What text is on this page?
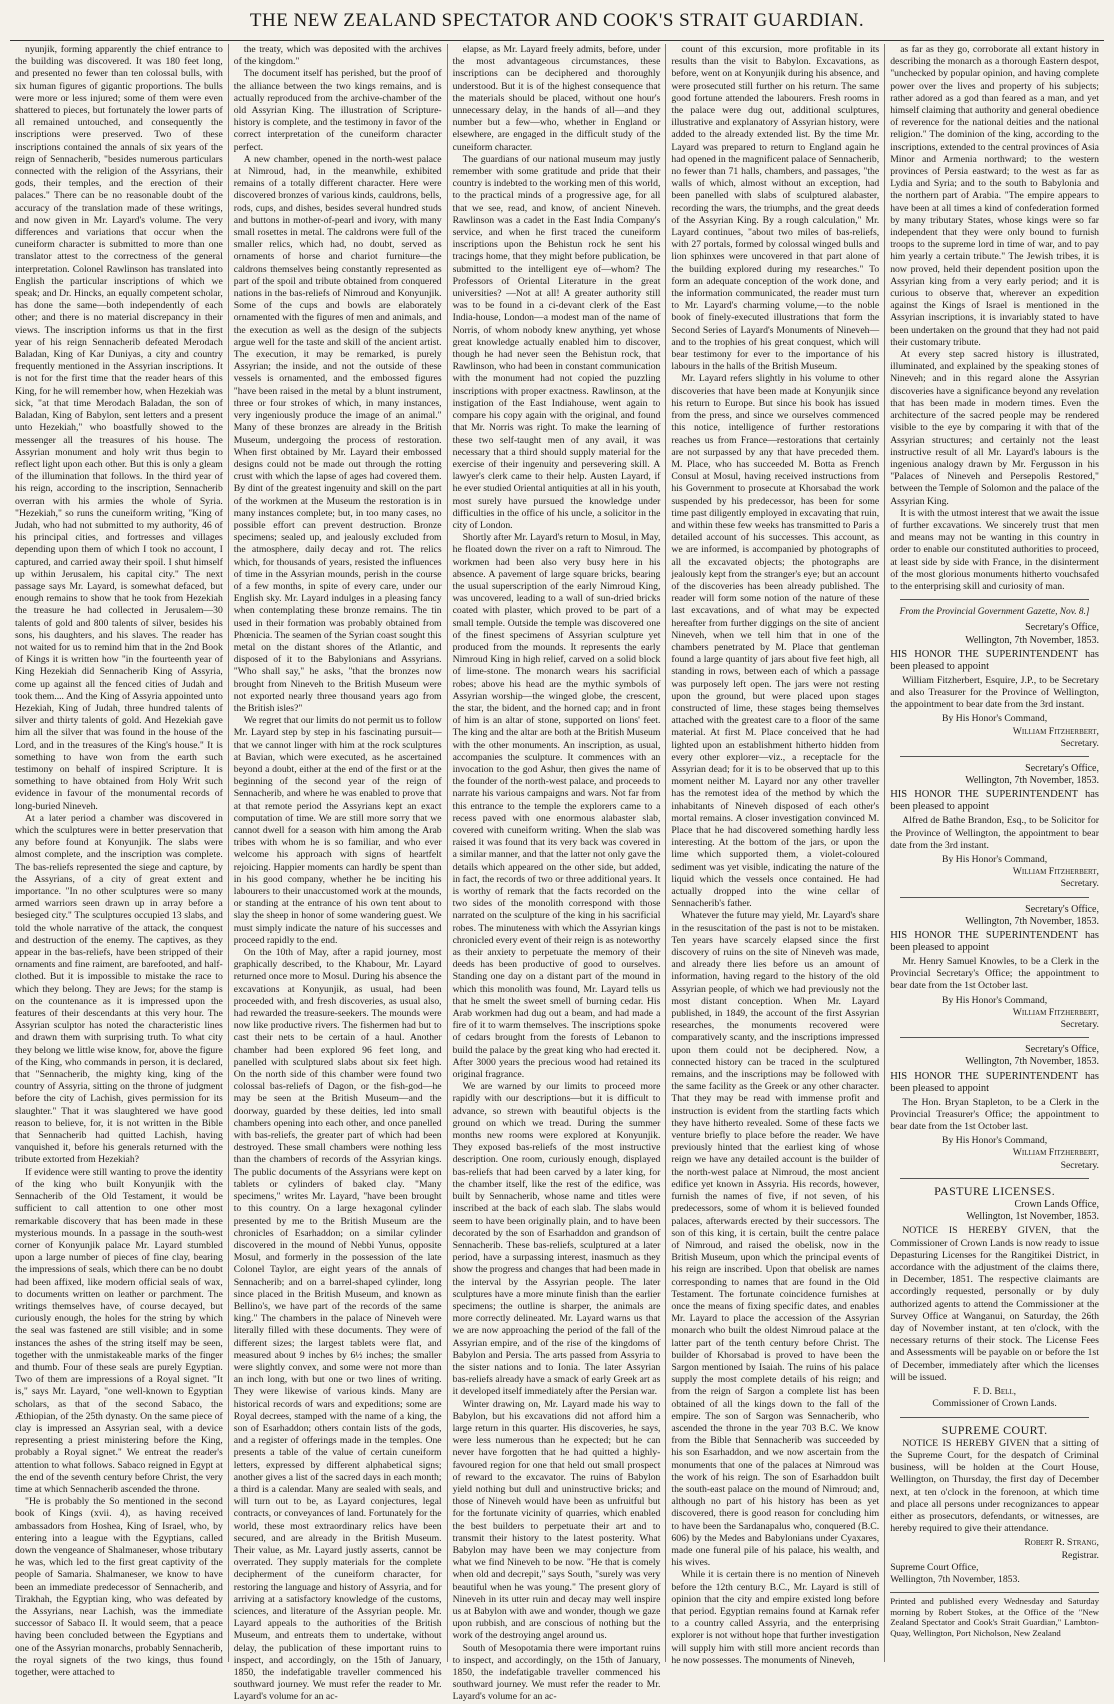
THE NEW ZEALAND SPECTATOR AND COOK'S STRAIT GUARDIAN.

nyunjik, forming apparently the chief entrance to the building was discovered. It was 180 feet long, and presented no fewer than ten colossal bulls, with six human figures of gigantic proportions. The bulls were more or less injured; some of them were even shattered to pieces, but fortunately the lower parts of all remained untouched, and consequently the inscriptions were preserved. Two of these inscriptions contained the annals of six years of the reign of Sennacherib, "besides numerous particulars connected with the religion of the Assyrians, their gods, their temples, and the erection of their palaces." There can be no reasonable doubt of the accuracy of the translation made of these writings, and now given in Mr. Layard's volume. The very differences and variations that occur when the cuneiform character is submitted to more than one translator attest to the correctness of the general interpretation. Colonel Rawlinson has translated into English the particular inscriptions of which we speak; and Dr. Hincks, an equally competent scholar, has done the same—both independently of each other; and there is no material discrepancy in their views. The inscription informs us that in the first year of his reign Sennacherib defeated Merodach Baladan, King of Kar Duniyas, a city and country frequently mentioned in the Assyrian inscriptions. It is not for the first time that the reader hears of this King, for he will remember how, when Hezekiah was sick, "at that time Merodach Baladan, the son of Baladan, King of Babylon, sent letters and a present unto Hezekiah," who boastfully showed to the messenger all the treasures of his house. The Assyrian monument and holy writ thus begin to reflect light upon each other. But this is only a gleam of the illumination that follows. In the third year of his reign, according to the inscription, Sennacherib overran with his armies the whole of Syria. "Hezekiah," so runs the cuneiform writing, "King of Judah, who had not submitted to my authority, 46 of his principal cities, and fortresses and villages depending upon them of which I took no account, I captured, and carried away their spoil. I shut himself up within Jerusalem, his capital city." The next passage says Mr. Layard, is somewhat defaced, but enough remains to show that he took from Hezekiah the treasure he had collected in Jerusalem—30 talents of gold and 800 talents of silver, besides his sons, his daughters, and his slaves. The reader has not waited for us to remind him that in the 2nd Book of Kings it is written how "in the fourteenth year of King Hezekiah did Sennacherib King of Assyria, come up against all the fenced cities of Judah and took them.... And the King of Assyria appointed unto Hezekiah, King of Judah, three hundred talents of silver and thirty talents of gold. And Hezekiah gave him all the silver that was found in the house of the Lord, and in the treasures of the King's house." It is something to have won from the earth such testimony on behalf of inspired Scripture. It is something to have obtained from Holy Writ such evidence in favour of the monumental records of long-buried Nineveh.

At a later period a chamber was discovered in which the sculptures were in better preservation that any before found at Konyunjik. The slabs were almost complete, and the inscription was complete. The bas-reliefs represented the siege and capture, by the Assyrians, of a city of great extent and importance. "In no other sculptures were so many armed warriors seen drawn up in array before a besieged city." The sculptures occupied 13 slabs, and told the whole narrative of the attack, the conquest and destruction of the enemy. The captives, as they appear in the bas-reliefs, have been stripped of their ornaments and fine raiment, are barefooted, and half-clothed. But it is impossible to mistake the race to which they belong. They are Jews; for the stamp is on the countenance as it is impressed upon the features of their descendants at this very hour. The Assyrian sculptor has noted the characteristic lines and drawn them with surprising truth. To what city they belong we little wise know, for, above the figure of the King, who commands in person, it is declared, that "Sennacherib, the mighty king, king of the country of Assyria, sitting on the throne of judgment before the city of Lachish, gives permission for its slaughter." That it was slaughtered we have good reason to believe, for, it is not written in the Bible that Sennacherib had quitted Lachish, having vanquished it, before his generals returned with the tribute extorted from Hezekiah?

If evidence were still wanting to prove the identity of the king who built Konyunjik with the Sennacherib of the Old Testament, it would be sufficient to call attention to one other most remarkable discovery that has been made in these mysterious mounds. In a passage in the south-west corner of Konyunjik palace Mr. Layard stumbled upon a large number of pieces of fine clay, bearing the impressions of seals, which there can be no doubt had been affixed, like modern official seals of wax, to documents written on leather or parchment. The writings themselves have, of course decayed, but curiously enough, the holes for the string by which the seal was fastened are still visible; and in some instances the ashes of the string itself may be seen, together with the unmistakeable marks of the finger and thumb. Four of these seals are purely Egyptian. Two of them are impressions of a Royal signet. "It is," says Mr. Layard, "one well-known to Egyptian scholars, as that of the second Sabaco, the Æthiopian, of the 25th dynasty. On the same piece of clay is impressed an Assyrian seal, with a device representing a priest ministering before the King, probably a Royal signet." We entreat the reader's attention to what follows. Sabaco reigned in Egypt at the end of the seventh century before Christ, the very time at which Sennacherib ascended the throne.

"He is probably the So mentioned in the second book of Kings (xvii. 4), as having received ambassadors from Hoshea, King of Israel, who, by entering into a league with the Egyptians, called down the vengeance of Shalmaneser, whose tributary he was, which led to the first great captivity of the people of Samaria. Shalmaneser, we know to have been an immediate predecessor of Sennacherib, and Tirakhah, the Egyptian king, who was defeated by the Assyrians, near Lachish, was the immediate successor of Sabaco II. It would seem, that a peace having been concluded between the Egyptians and one of the Assyrian monarchs, probably Sennacherib, the royal signets of the two kings, thus found together, were attached to

the treaty, which was deposited with the archives of the kingdom."

The document itself has perished, but the proof of the alliance between the two kings remains, and is actually reproduced from the archive-chamber of the old Assyrian King. The illustration of Scripture-history is complete, and the testimony in favor of the correct interpretation of the cuneiform character perfect.

A new chamber, opened in the north-west palace at Nimroud, had, in the meanwhile, exhibited remains of a totally different character. Here were discovered bronzes of various kinds, cauldrons, bells, rods, cups, and dishes, besides several hundred studs and buttons in mother-of-pearl and ivory, with many small rosettes in metal. The caldrons were full of the smaller relics, which had, no doubt, served as ornaments of horse and chariot furniture—the caldrons themselves being constantly represented as part of the spoil and tribute obtained from conquered nations in the bas-reliefs of Nimroud and Konyunjik. Some of the cups and bowls are elaborately ornamented with the figures of men and animals, and the execution as well as the design of the subjects argue well for the taste and skill of the ancient artist. The execution, it may be remarked, is purely Assyrian; the inside, and not the outside of these vessels is ornamented, and the embossed figures "have been raised in the metal by a blunt instrument, three or four strokes of which, in many instances, very ingeniously produce the image of an animal." Many of these bronzes are already in the British Museum, undergoing the process of restoration. When first obtained by Mr. Layard their embossed designs could not be made out through the rotting crust with which the lapse of ages had covered them. By dint of the greatest ingenuity and skill on the part of the workmen at the Museum the restoration is in many instances complete; but, in too many cases, no possible effort can prevent destruction. Bronze specimens; sealed up, and jealously excluded from the atmosphere, daily decay and rot. The relics which, for thousands of years, resisted the influences of time in the Assyrian mounds, perish in the course of a few months, in spite of every care, under our English sky. Mr. Layard indulges in a pleasing fancy when contemplating these bronze remains. The tin used in their formation was probably obtained from Phœnicia. The seamen of the Syrian coast sought this metal on the distant shores of the Atlantic, and disposed of it to the Babylonians and Assyrians. "Who shall say," he asks, "that the bronzes now brought from Nineveh to the British Museum were not exported nearly three thousand years ago from the British isles?"

We regret that our limits do not permit us to follow Mr. Layard step by step in his fascinating pursuit—that we cannot linger with him at the rock sculptures at Bavian, which were executed, as he ascertained beyond a doubt, either at the end of the first or at the beginning of the second year of the reign of Sennacherib, and where he was enabled to prove that at that remote period the Assyrians kept an exact computation of time. We are still more sorry that we cannot dwell for a season with him among the Arab tribes with whom he is so familiar, and who ever welcome his approach with signs of heartfelt rejoicing. Happier moments can hardly be spent than in his good company, whether he be inciting his labourers to their unaccustomed work at the mounds, or standing at the entrance of his own tent about to slay the sheep in honor of some wandering guest. We must simply indicate the nature of his successes and proceed rapidly to the end.

On the 10th of May, after a rapid journey, most graphically described, to the Khabour, Mr. Layard returned once more to Mosul. During his absence the excavations at Konyunjik, as usual, had been proceeded with, and fresh discoveries, as usual also, had rewarded the treasure-seekers. The mounds were now like productive rivers. The fishermen had but to cast their nets to be certain of a haul. Another chamber had been explored 96 feet long, and panelled with sculptured slabs about six feet high. On the north side of this chamber were found two colossal bas-reliefs of Dagon, or the fish-god—he may be seen at the British Museum—and the doorway, guarded by these deities, led into small chambers opening into each other, and once panelled with bas-reliefs, the greater part of which had been destroyed. These small chambers were nothing less than the chambers of records of the Assyrian kings. The public documents of the Assyrians were kept on tablets or cylinders of baked clay. "Many specimens," writes Mr. Layard, "have been brought to this country. On a large hexagonal cylinder presented by me to the British Museum are the chronicles of Esarhaddon; on a similar cylinder discovered in the mound of Nebbi Yunus, opposite Mosul, and formerly in the possession of the late Colonel Taylor, are eight years of the annals of Sennacherib; and on a barrel-shaped cylinder, long since placed in the British Museum, and known as Bellino's, we have part of the records of the same king." The chambers in the palace of Nineveh were literally filled with these documents. They were of different sizes; the largest tablets were flat, and measured about 9 inches by 6½ inches; the smaller were slightly convex, and some were not more than an inch long, with but one or two lines of writing. They were likewise of various kinds. Many are historical records of wars and expeditions; some are Royal decrees, stamped with the name of a king, the son of Esarhaddon; others contain lists of the gods, and a register of offerings made in the temples. One presents a table of the value of certain cuneiform letters, expressed by different alphabetical signs; another gives a list of the sacred days in each month; a third is a calendar. Many are sealed with seals, and will turn out to be, as Layard conjectures, legal contracts, or conveyances of land. Fortunately for the world, these most extraordinary relics have been secured, and are already in the British Museum. Their value, as Mr. Layard justly asserts, cannot be overrated. They supply materials for the complete decipherment of the cuneiform character, for restoring the language and history of Assyria, and for arriving at a satisfactory knowledge of the customs, sciences, and literature of the Assyrian people. Mr. Layard appeals to the authorities of the British Museum, and entreats them to undertake, without delay, the publication of these important ruins to inspect, and accordingly, on the 15th of January, 1850, the indefatigable traveller commenced his southward journey. We must refer the reader to Mr. Layard's volume for an ac-

elapse, as Mr. Layard freely admits, before, under the most advantageous circumstances, these inscriptions can be deciphered and thoroughly understood. But it is of the highest consequence that the materials should be placed, without one hour's unnecessary delay, in the hands of all—and they number but a few—who, whether in England or elsewhere, are engaged in the difficult study of the cuneiform character.

The guardians of our national museum may justly remember with some gratitude and pride that their country is indebted to the working men of this world, to the practical minds of a progressive age, for all that we see, read, and know, of ancient Nineveh. Rawlinson was a cadet in the East India Company's service, and when he first traced the cuneiform inscriptions upon the Behistun rock he sent his tracings home, that they might before publication, be submitted to the intelligent eye of—whom? The Professors of Oriental Literature in the great universities? —Not at all! A greater authority still was to be found in a ci-devant clerk of the East India-house, London—a modest man of the name of Norris, of whom nobody knew anything, yet whose great knowledge actually enabled him to discover, though he had never seen the Behistun rock, that Rawlinson, who had been in constant communication with the monument had not copied the puzzling inscriptions with proper exactness. Rawlinson, at the instigation of the East Indiahouse, went again to compare his copy again with the original, and found that Mr. Norris was right. To make the learning of these two self-taught men of any avail, it was necessary that a third should supply material for the exercise of their ingenuity and persevering skill. A lawyer's clerk came to their help. Austen Layard, if he ever studied Oriental antiquities at all in his youth, most surely have pursued the knowledge under difficulties in the office of his uncle, a solicitor in the city of London.

Shortly after Mr. Layard's return to Mosul, in May, he floated down the river on a raft to Nimroud. The workmen had been also very busy here in his absence. A pavement of large square bricks, bearing the usual superscription of the early Nimroud King, was uncovered, leading to a wall of sun-dried bricks coated with plaster, which proved to be part of a small temple. Outside the temple was discovered one of the finest specimens of Assyrian sculpture yet produced from the mounds. It represents the early Nimroud King in high relief, carved on a solid block of lime-stone. The monarch wears his sacrificial robes; above his head are the mythic symbols of Assyrian worship—the winged globe, the crescent, the star, the bident, and the horned cap; and in front of him is an altar of stone, supported on lions' feet. The king and the altar are both at the British Museum with the other monuments. An inscription, as usual, accompanies the sculpture. It commences with an invocation to the god Ashur, then gives the name of the founder of the north-west palace, and proceeds to narrate his various campaigns and wars. Not far from this entrance to the temple the explorers came to a recess paved with one enormous alabaster slab, covered with cuneiform writing. When the slab was raised it was found that its very back was covered in a similar manner, and that the latter not only gave the details which appeared on the other side, but added, in fact, the records of two or three additional years. It is worthy of remark that the facts recorded on the two sides of the monolith correspond with those narrated on the sculpture of the king in his sacrificial robes. The minuteness with which the Assyrian kings chronicled every event of their reign is as noteworthy as their anxiety to perpetuate the memory of their deeds has been productive of good to ourselves. Standing one day on a distant part of the mound in which this monolith was found, Mr. Layard tells us that he smelt the sweet smell of burning cedar. His Arab workmen had dug out a beam, and had made a fire of it to warm themselves. The inscriptions spoke of cedars brought from the forests of Lebanon to build the palace by the great king who had erected it. After 3000 years the precious wood had retained its original fragrance.

We are warned by our limits to proceed more rapidly with our descriptions—but it is difficult to advance, so strewn with beautiful objects is the ground on which we tread. During the summer months new rooms were explored at Konyunjik. They exposed bas-reliefs of the most instructive description. One room, curiously enough, displayed bas-reliefs that had been carved by a later king, for the chamber itself, like the rest of the edifice, was built by Sennacherib, whose name and titles were inscribed at the back of each slab. The slabs would seem to have been originally plain, and to have been decorated by the son of Esarhaddon and grandson of Sennacherib. These bas-reliefs, sculptured at a later period, have a surpassing interest, inasmuch as they show the progress and changes that had been made in the interval by the Assyrian people. The later sculptures have a more minute finish than the earlier specimens; the outline is sharper, the animals are more correctly delineated. Mr. Layard warns us that we are now approaching the period of the fall of the Assyrian empire, and of the rise of the kingdoms of Babylon and Persia. The arts passed from Assyria to the sister nations and to Ionia. The later Assyrian bas-reliefs already have a smack of early Greek art as it developed itself immediately after the Persian war.

Winter drawing on, Mr. Layard made his way to Babylon, but his excavations did not afford him a large return in this quarter. His discoveries, he says, were less numerous than he expected; but he can never have forgotten that he had quitted a highly-favoured region for one that held out small prospect of reward to the excavator. The ruins of Babylon yield nothing but dull and uninstructive bricks; and those of Nineveh would have been as unfruitful but for the fortunate vicinity of quarries, which enabled the best builders to perpetuate their art and to transmit their history to the latest posterity. What Babylon may have been we may conjecture from what we find Nineveh to be now. "He that is comely when old and decrepit," says South, "surely was very beautiful when he was young." The present glory of Nineveh in its utter ruin and decay may well inspire us at Babylon with awe and wonder, though we gaze upon rubbish, and are conscious of nothing but the work of the destroying angel around us.

South of Mesopotamia there were important ruins to inspect, and accordingly, on the 15th of January, 1850, the indefatigable traveller commenced his southward journey. We must refer the reader to Mr. Layard's volume for an ac-

count of this excursion, more profitable in its results than the visit to Babylon. Excavations, as before, went on at Konyunjik during his absence, and were prosecuted still further on his return. The same good fortune attended the labourers. Fresh rooms in the palace were dug out, additional sculptures, illustrative and explanatory of Assyrian history, were added to the already extended list. By the time Mr. Layard was prepared to return to England again he had opened in the magnificent palace of Sennacherib, no fewer than 71 halls, chambers, and passages, "the walls of which, almost without an exception, had been panelled with slabs of sculptured alabaster, recording the wars, the triumphs, and the great deeds of the Assyrian King. By a rough calculation," Mr. Layard continues, "about two miles of bas-reliefs, with 27 portals, formed by colossal winged bulls and lion sphinxes were uncovered in that part alone of the building explored during my researches." To form an adequate conception of the work done, and the information communicated, the reader must turn to Mr. Layard's charming volume,—to the noble book of finely-executed illustrations that form the Second Series of Layard's Monuments of Nineveh—and to the trophies of his great conquest, which will bear testimony for ever to the importance of his labours in the halls of the British Museum.

Mr. Layard refers slightly in his volume to other discoveries that have been made at Konyunjik since his return to Europe. But since his book has issued from the press, and since we ourselves commenced this notice, intelligence of further restorations reaches us from France—restorations that certainly are not surpassed by any that have preceded them. M. Place, who has succeeded M. Botta as French Consul at Mosul, having received instructions from his Government to prosecute at Khorsabad the work suspended by his predecessor, has been for some time past diligently employed in excavating that ruin, and within these few weeks has transmitted to Paris a detailed account of his successes. This account, as we are informed, is accompanied by photographs of all the excavated objects; the photographs are jealously kept from the stranger's eye; but an account of the discoveries has been already published. The reader will form some notion of the nature of these last excavations, and of what may be expected hereafter from further diggings on the site of ancient Nineveh, when we tell him that in one of the chambers penetrated by M. Place that gentleman found a large quantity of jars about five feet high, all standing in rows, between each of which a passage was purposely left open. The jars were not resting upon the ground, but were placed upon stages constructed of lime, these stages being themselves attached with the greatest care to a floor of the same material. At first M. Place conceived that he had lighted upon an establishment hitherto hidden from every other explorer—viz., a receptacle for the Assyrian dead; for it is to be observed that up to this moment neither M. Layard nor any other traveller has the remotest idea of the method by which the inhabitants of Nineveh disposed of each other's mortal remains. A closer investigation convinced M. Place that he had discovered something hardly less interesting. At the bottom of the jars, or upon the lime which supported them, a violet-coloured sediment was yet visible, indicating the nature of the liquid which the vessels once contained. He had actually dropped into the wine cellar of Sennacherib's father.

Whatever the future may yield, Mr. Layard's share in the resuscitation of the past is not to be mistaken. Ten years have scarcely elapsed since the first discovery of ruins on the site of Nineveh was made, and already there lies before us an amount of information, having regard to the history of the old Assyrian people, of which we had previously not the most distant conception. When Mr. Layard published, in 1849, the account of the first Assyrian researches, the monuments recovered were comparatively scanty, and the inscriptions impressed upon them could not be deciphered. Now, a connected history can be traced in the sculptured remains, and the inscriptions may be followed with the same facility as the Greek or any other character. That they may be read with immense profit and instruction is evident from the startling facts which they have hitherto revealed. Some of these facts we venture briefly to place before the reader. We have previously hinted that the earliest king of whose reign we have any detailed account is the builder of the north-west palace at Nimroud, the most ancient edifice yet known in Assyria. His records, however, furnish the names of five, if not seven, of his predecessors, some of whom it is believed founded palaces, afterwards erected by their successors. The son of this king, it is certain, built the centre palace of Nimroud, and raised the obelisk, now in the British Museum, upon which the principal events of his reign are inscribed. Upon that obelisk are names corresponding to names that are found in the Old Testament. The fortunate coincidence furnishes at once the means of fixing specific dates, and enables Mr. Layard to place the accession of the Assyrian monarch who built the oldest Nimroud palace at the latter part of the tenth century before Christ. The builder of Khorsabad is proved to have been the Sargon mentioned by Isaiah. The ruins of his palace supply the most complete details of his reign; and from the reign of Sargon a complete list has been obtained of all the kings down to the fall of the empire. The son of Sargon was Sennacherib, who ascended the throne in the year 703 B.C. We know from the Bible that Sennacherib was succeeded by his son Esarhaddon, and we now ascertain from the monuments that one of the palaces at Nimroud was the work of his reign. The son of Esarhaddon built the south-east palace on the mound of Nimroud; and, although no part of his history has been as yet discovered, there is good reason for concluding him to have been the Sardanapalus who, conquered (B.C. 606) by the Medes and Babylonians under Cyaxares, made one funeral pile of his palace, his wealth, and his wives.

While it is certain there is no mention of Nineveh before the 12th century B.C., Mr. Layard is still of opinion that the city and empire existed long before that period. Egyptian remains found at Karnak refer to a country called Assyria, and the enterprising explorer is not without hope that further investigation will supply him with still more ancient records than he now possesses. The monuments of Nineveh,

as far as they go, corroborate all extant history in describing the monarch as a thorough Eastern despot, "unchecked by popular opinion, and having complete power over the lives and property of his subjects; rather adored as a god than feared as a man, and yet himself claiming that authority and general obedience of reverence for the national deities and the national religion." The dominion of the king, according to the inscriptions, extended to the central provinces of Asia Minor and Armenia northward; to the western provinces of Persia eastward; to the west as far as Lydia and Syria; and to the south to Babylonia and the northern part of Arabia. "The empire appears to have been at all times a kind of confederation formed by many tributary States, whose kings were so far independent that they were only bound to furnish troops to the supreme lord in time of war, and to pay him yearly a certain tribute." The Jewish tribes, it is now proved, held their dependent position upon the Assyrian king from a very early period; and it is curious to observe that, wherever an expedition against the Kings of Israel is mentioned in the Assyrian inscriptions, it is invariably stated to have been undertaken on the ground that they had not paid their customary tribute.

At every step sacred history is illustrated, illuminated, and explained by the speaking stones of Nineveh; and in this regard alone the Assyrian discoveries have a significance beyond any revelation that has been made in modern times. Even the architecture of the sacred people may be rendered visible to the eye by comparing it with that of the Assyrian structures; and certainly not the least instructive result of all Mr. Layard's labours is the ingenious analogy drawn by Mr. Fergusson in his "Palaces of Nineveh and Persepolis Restored," between the Temple of Solomon and the palace of the Assyrian King.

It is with the utmost interest that we await the issue of further excavations. We sincerely trust that men and means may not be wanting in this country in order to enable our constituted authorities to proceed, at least side by side with France, in the disinterment of the most glorious monuments hitherto vouchsafed to the enterprising skill and curiosity of man.

From the Provincial Government Gazette, Nov. 8.]
Secretary's Office,
Wellington, 7th November, 1853.
HIS HONOR THE SUPERINTENDENT has been pleased to appoint
William Fitzherbert, Esquire, J.P., to be Secretary and also Treasurer for the Province of Wellington, the appointment to bear date from the 3rd instant.
By His Honor's Command,
William Fitzherbert,
Secretary.
Secretary's Office,
Wellington, 7th November, 1853.
HIS HONOR THE SUPERINTENDENT has been pleased to appoint
Alfred de Bathe Brandon, Esq., to be Solicitor for the Province of Wellington, the appointment to bear date from the 3rd instant.
By His Honor's Command,
William Fitzherbert,
Secretary.
Secretary's Office,
Wellington, 7th November, 1853.
HIS HONOR THE SUPERINTENDENT has been pleased to appoint
Mr. Henry Samuel Knowles, to be a Clerk in the Provincial Secretary's Office; the appointment to bear date from the 1st October last.
By His Honor's Command,
William Fitzherbert,
Secretary.
Secretary's Office,
Wellington, 7th November, 1853.
HIS HONOR THE SUPERINTENDENT has been pleased to appoint
The Hon. Bryan Stapleton, to be a Clerk in the Provincial Treasurer's Office; the appointment to bear date from the 1st October last.
By His Honor's Command,
William Fitzherbert,
Secretary.
PASTURE LICENSES.
Crown Lands Office,
Wellington, 1st November, 1853.
NOTICE IS HEREBY GIVEN, that the Commissioner of Crown Lands is now ready to issue Depasturing Licenses for the Rangitikei District, in accordance with the adjustment of the claims there, in December, 1851. The respective claimants are accordingly requested, personally or by duly authorized agents to attend the Commissioner at the Survey Office at Wanganui, on Saturday, the 26th day of November instant, at ten o'clock, with the necessary returns of their stock. The License Fees and Assessments will be payable on or before the 1st of December, immediately after which the licenses will be issued.
F. D. Bell,
Commissioner of Crown Lands.
SUPREME COURT.
NOTICE IS HEREBY GIVEN that a sitting of the Supreme Court, for the despatch of Criminal business, will be holden at the Court House, Wellington, on Thursday, the first day of December next, at ten o'clock in the forenoon, at which time and place all persons under recognizances to appear either as prosecutors, defendants, or witnesses, are hereby required to give their attendance.
Robert R. Strang,
Registrar.
Supreme Court Office,
Wellington, 7th November, 1853.
Printed and published every Wednesday and Saturday morning by Robert Stokes, at the Office of the "New Zealand Spectator and Cook's Strait Guardian," Lambton-Quay, Wellington, Port Nicholson, New Zealand
